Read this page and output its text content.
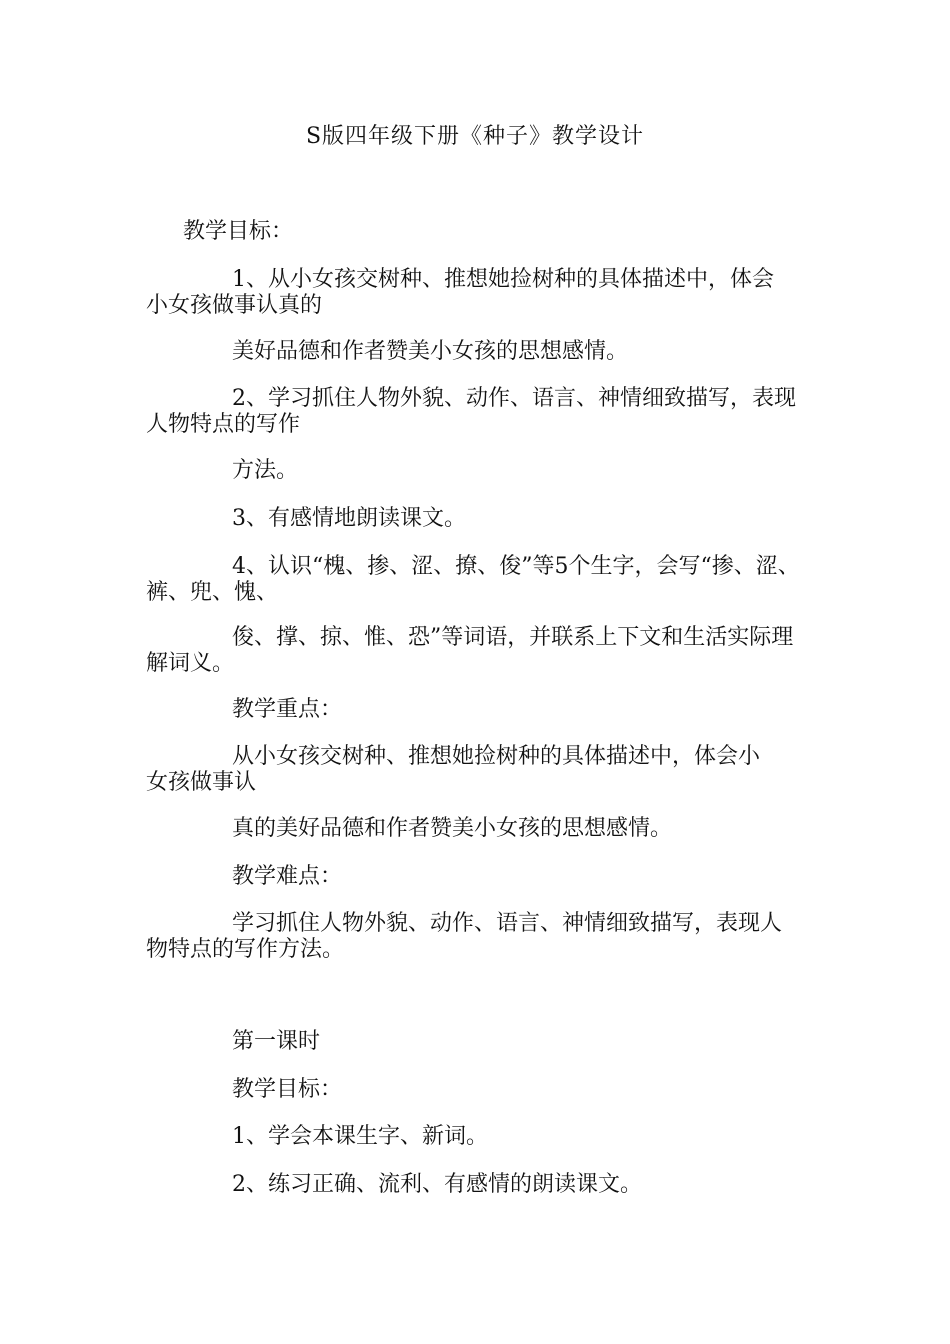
S版四年级下册《种子》教学设计
教学目标：
1、从小女孩交树种、推想她捡树种的具体描述中，体会
小女孩做事认真的
美好品德和作者赞美小女孩的思想感情。
2、学习抓住人物外貌、动作、语言、神情细致描写，表现
人物特点的写作
方法。
3、有感情地朗读课文。
4、认识“槐、掺、涩、撩、俊”等5个生字，会写“掺、涩、
裤、兜、愧、
俊、撑、掠、惟、恐”等词语，并联系上下文和生活实际理
解词义。
教学重点：
从小女孩交树种、推想她捡树种的具体描述中，体会小
女孩做事认
真的美好品德和作者赞美小女孩的思想感情。
教学难点：
学习抓住人物外貌、动作、语言、神情细致描写，表现人
物特点的写作方法。
第一课时
教学目标：
1、学会本课生字、新词。
2、练习正确、流利、有感情的朗读课文。
